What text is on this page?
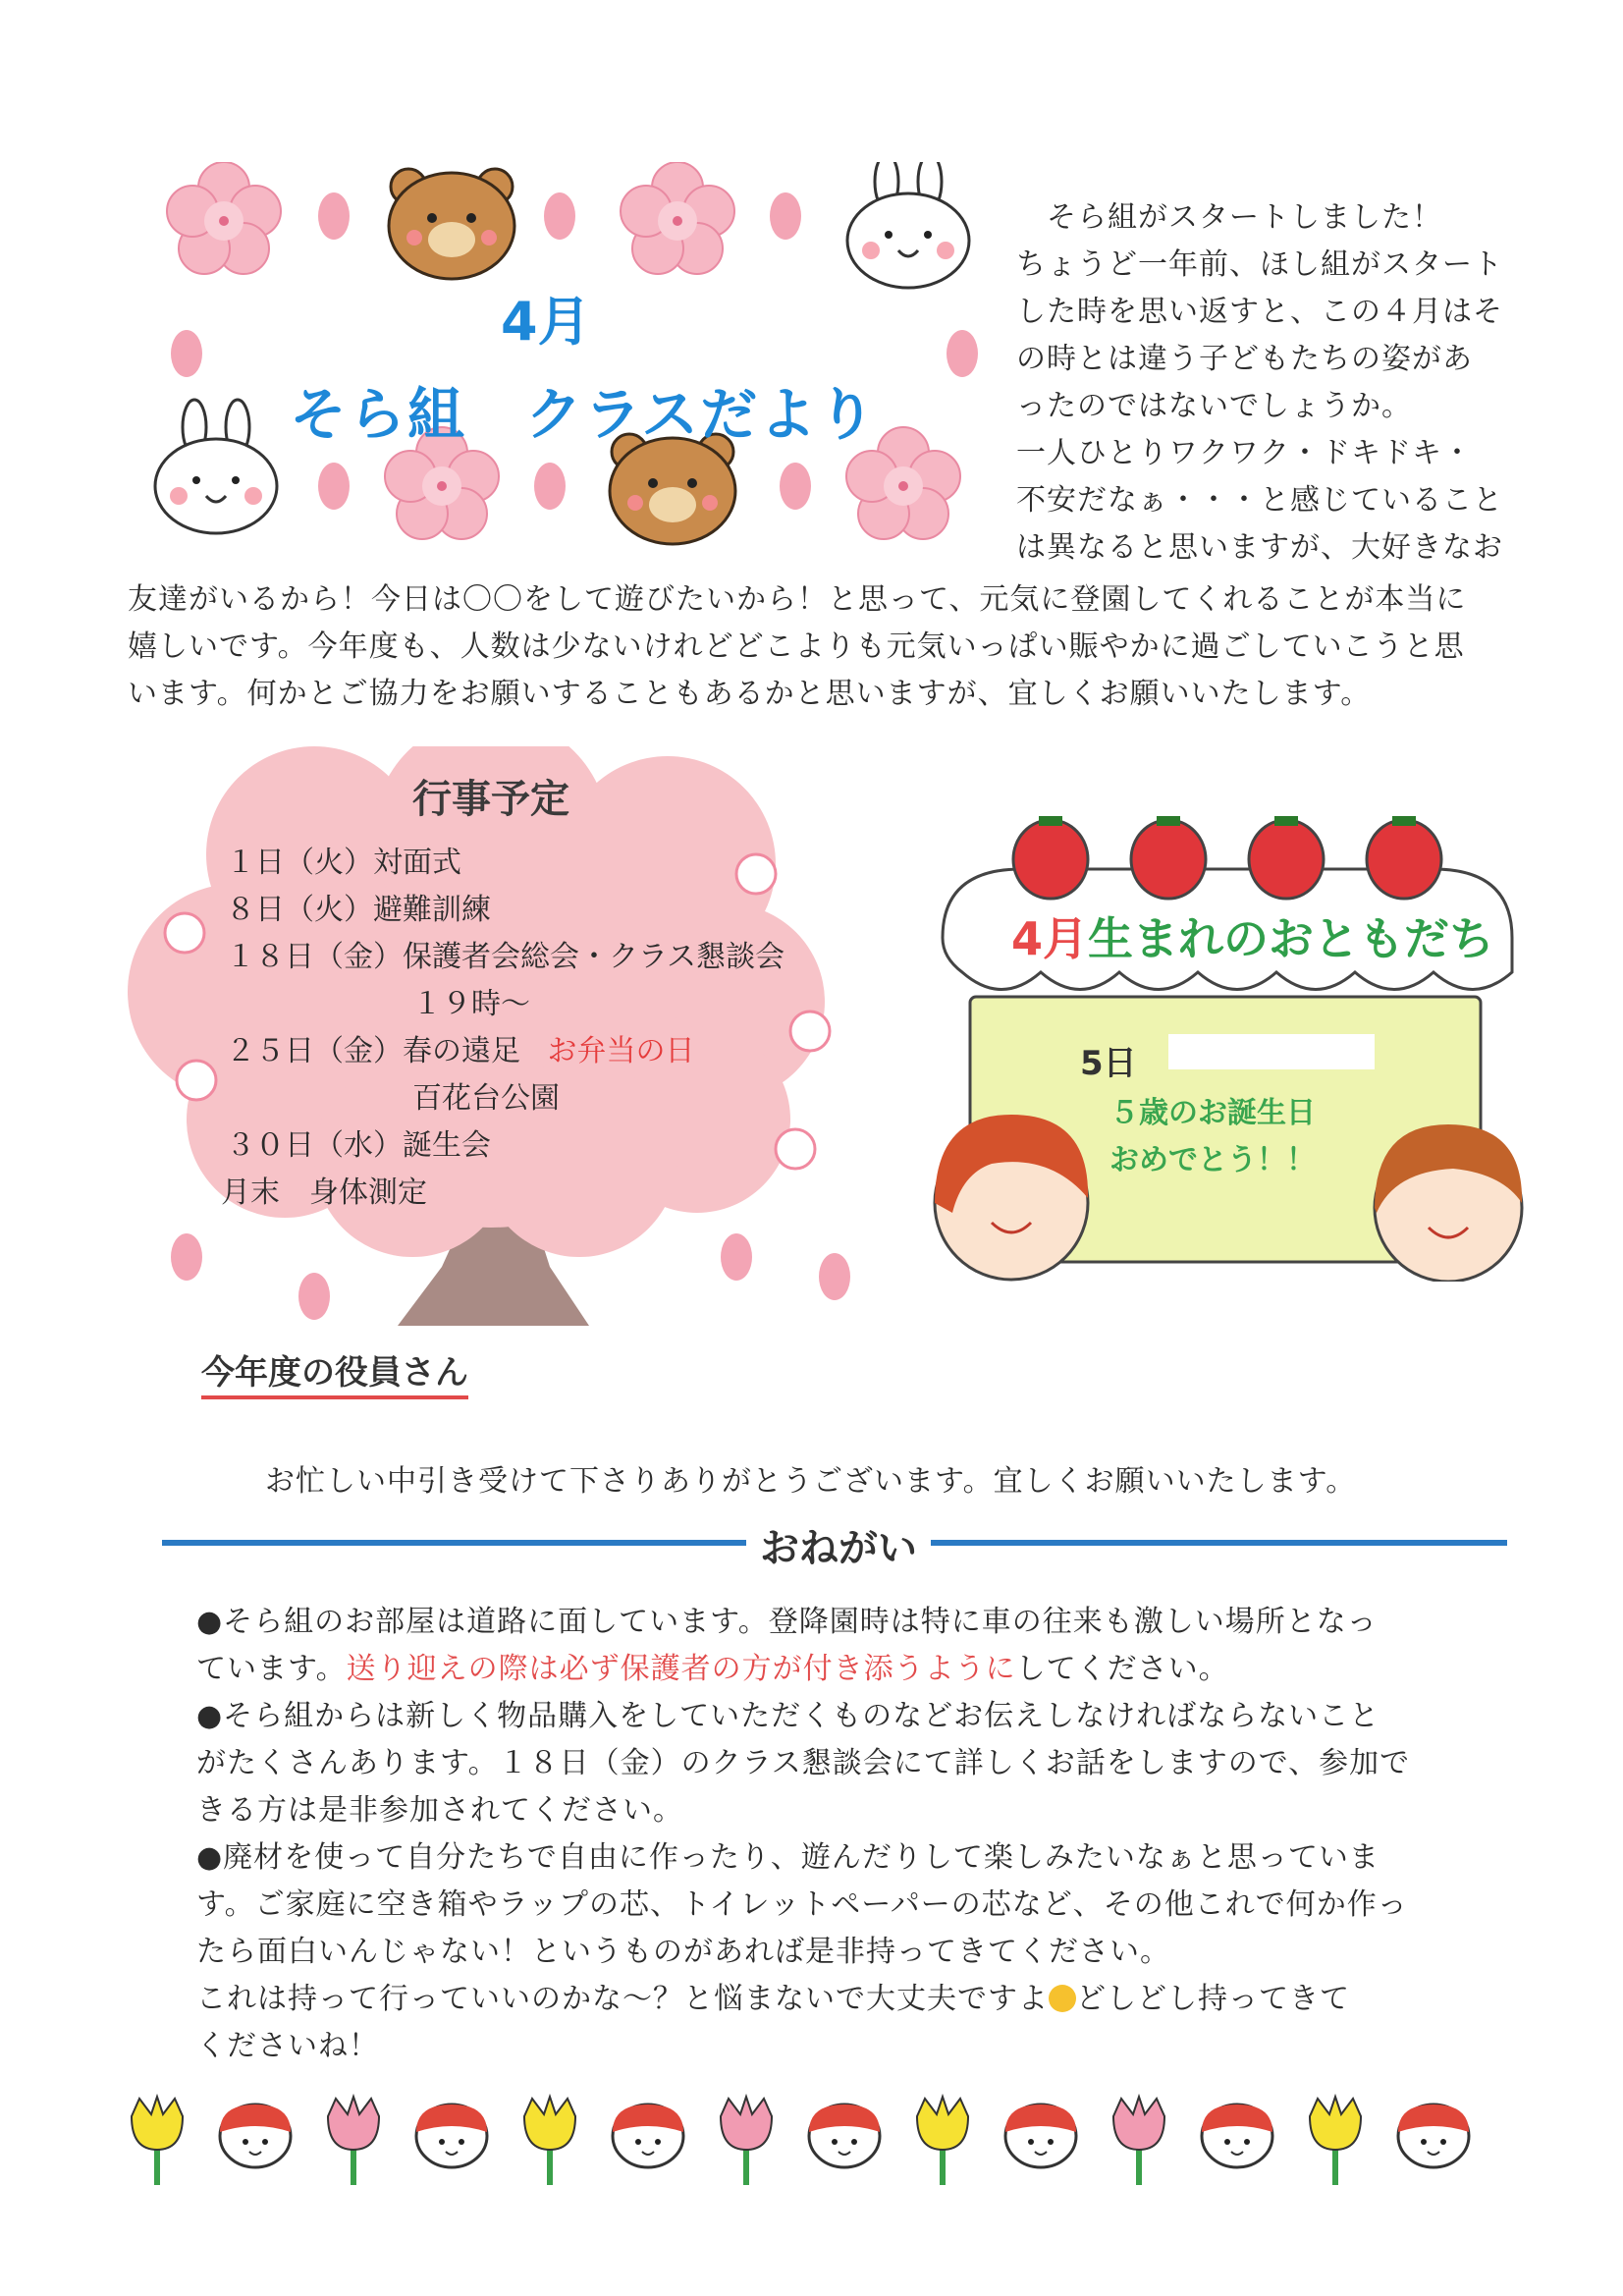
4月
そら組　クラスだより
　そら組がスタートしました！
ちょうど一年前、ほし組がスタート
した時を思い返すと、この４月はそ
の時とは違う子どもたちの姿があ
ったのではないでしょうか。
一人ひとりワクワク・ドキドキ・
不安だなぁ・・・と感じていること
は異なると思いますが、大好きなお
友達がいるから！今日は〇〇をして遊びたいから！と思って、元気に登園してくれることが本当に
嬉しいです。今年度も、人数は少ないけれどどこよりも元気いっぱい賑やかに過ごしていこうと思
います。何かとご協力をお願いすることもあるかと思いますが、宜しくお願いいたします。
行事予定
１日（火）対面式
８日（火）避難訓練
１８日（金）保護者会総会・クラス懇談会
１９時～
２５日（金）春の遠足 お弁当の日
百花台公園
３０日（水）誕生会
月末 身体測定
4月生まれのおともだち
5日
５歳のお誕生日
おめでとう！！
今年度の役員さん
お忙しい中引き受けて下さりありがとうございます。宜しくお願いいたします。
おねがい
●そら組のお部屋は道路に面しています。登降園時は特に車の往来も激しい場所となっ
ています。送り迎えの際は必ず保護者の方が付き添うようにしてください。
●そら組からは新しく物品購入をしていただくものなどお伝えしなければならないこと
がたくさんあります。１８日（金）のクラス懇談会にて詳しくお話をしますので、参加で
きる方は是非参加されてください。
●廃材を使って自分たちで自由に作ったり、遊んだりして楽しみたいなぁと思っていま
す。ご家庭に空き箱やラップの芯、トイレットペーパーの芯など、その他これで何か作っ
たら面白いんじゃない！というものがあれば是非持ってきてください。
これは持って行っていいのかな～？と悩まないで大丈夫ですよ どしどし持ってきて
くださいね！
